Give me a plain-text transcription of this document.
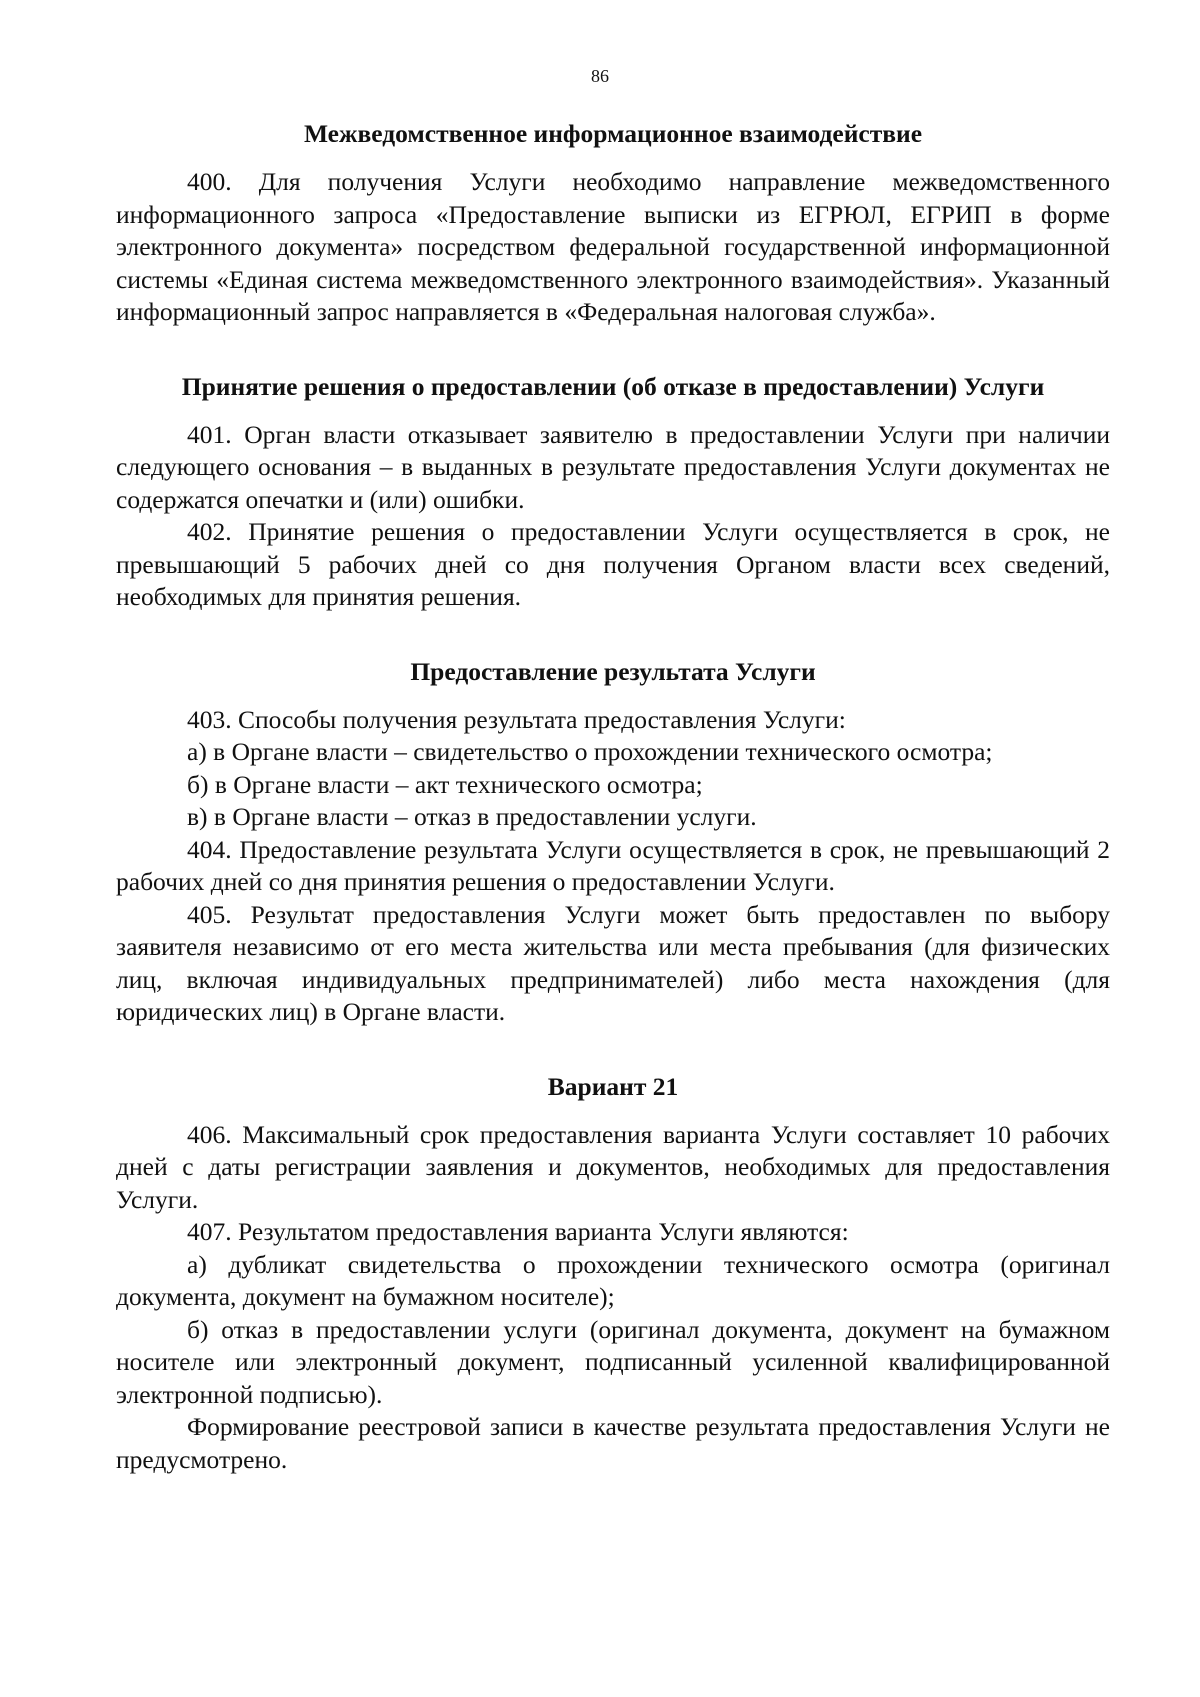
86

Межведомственное информационное взаимодействие

400. Для получения Услуги необходимо направление межведомственного информационного запроса «Предоставление выписки из ЕГРЮЛ, ЕГРИП в форме электронного документа» посредством федеральной государственной информационной системы «Единая система межведомственного электронного взаимодействия». Указанный информационный запрос направляется в «Федеральная налоговая служба».

Принятие решения о предоставлении (об отказе в предоставлении) Услуги

401. Орган власти отказывает заявителю в предоставлении Услуги при наличии следующего основания – в выданных в результате предоставления Услуги документах не содержатся опечатки и (или) ошибки.

402. Принятие решения о предоставлении Услуги осуществляется в срок, не превышающий 5 рабочих дней со дня получения Органом власти всех сведений, необходимых для принятия решения.

Предоставление результата Услуги

403. Способы получения результата предоставления Услуги:

а) в Органе власти – свидетельство о прохождении технического осмотра;

б) в Органе власти – акт технического осмотра;

в) в Органе власти – отказ в предоставлении услуги.

404. Предоставление результата Услуги осуществляется в срок, не превышающий 2 рабочих дней со дня принятия решения о предоставлении Услуги.

405. Результат предоставления Услуги может быть предоставлен по выбору заявителя независимо от его места жительства или места пребывания (для физических лиц, включая индивидуальных предпринимателей) либо места нахождения (для юридических лиц) в Органе власти.

Вариант 21

406. Максимальный срок предоставления варианта Услуги составляет 10 рабочих дней с даты регистрации заявления и документов, необходимых для предоставления Услуги.

407. Результатом предоставления варианта Услуги являются:

а) дубликат свидетельства о прохождении технического осмотра (оригинал документа, документ на бумажном носителе);

б) отказ в предоставлении услуги (оригинал документа, документ на бумажном носителе или электронный документ, подписанный усиленной квалифицированной электронной подписью).

Формирование реестровой записи в качестве результата предоставления Услуги не предусмотрено.
